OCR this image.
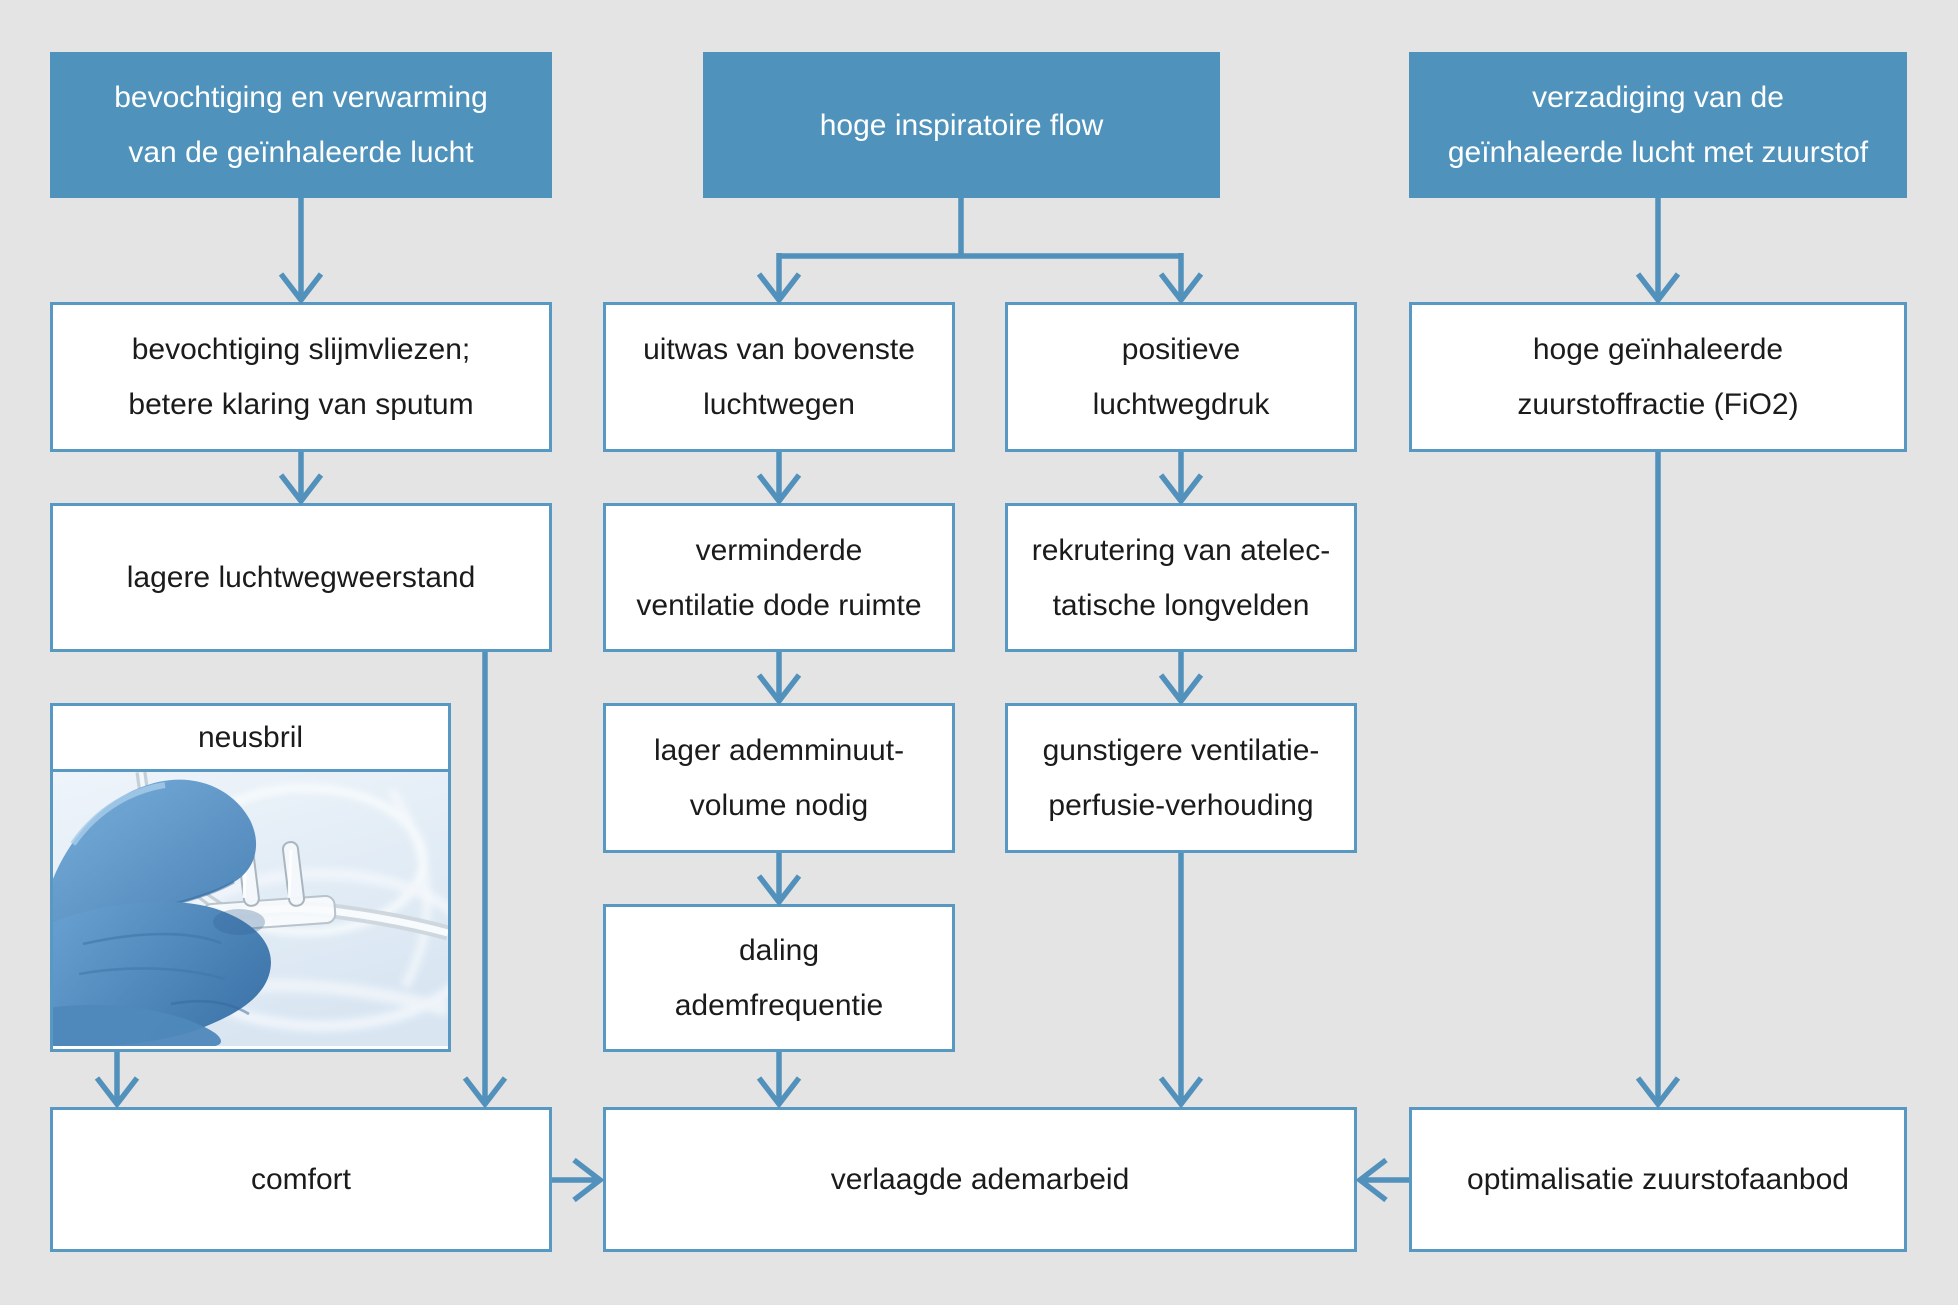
bevochtiging en verwarming
van de geïnhaleerde lucht
hoge inspiratoire flow
verzadiging van de
geïnhaleerde lucht met zuurstof
bevochtiging slijmvliezen;
betere klaring van sputum
uitwas van bovenste
luchtwegen
positieve
luchtwegdruk
hoge geïnhaleerde
zuurstoffractie (FiO2)
lagere luchtwegweerstand
verminderde
ventilatie dode ruimte
rekrutering van atelec-
tatische longvelden
neusbril	lager ademminuut-
volume nodig
gunstigere ventilatie-
perfusie-verhouding
daling
ademfrequentie
comfort	verlaagde ademarbeid	optimalisatie zuurstofaanbod
